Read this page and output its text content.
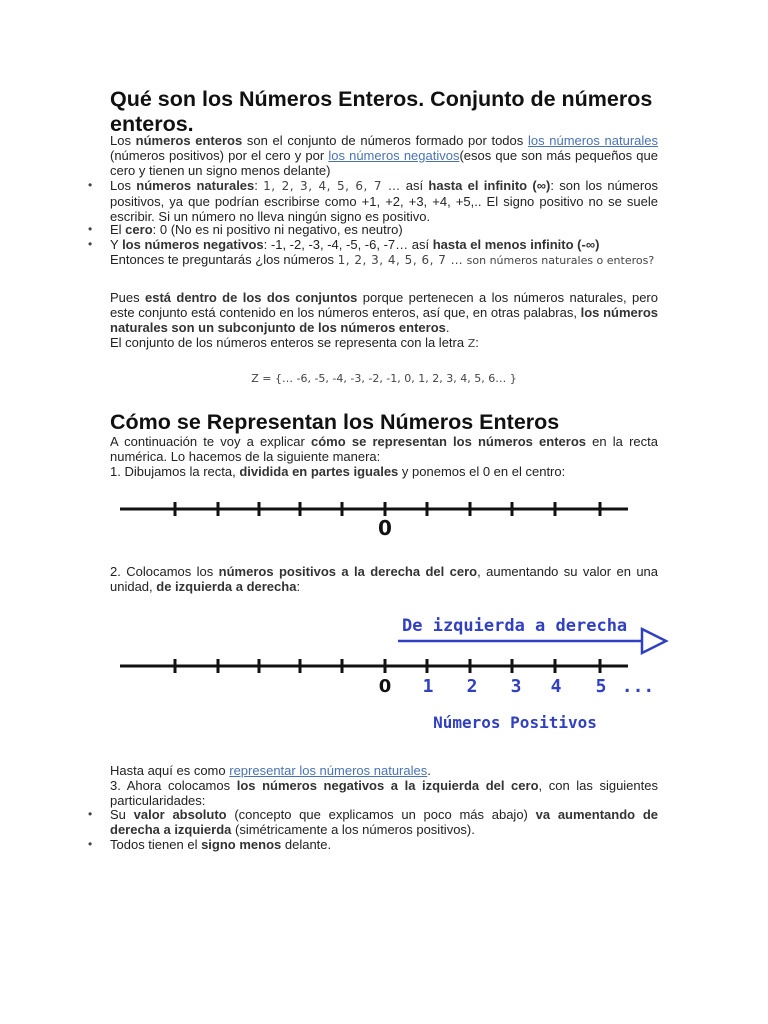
Qué son los Números Enteros. Conjunto de números enteros.

Los números enteros son el conjunto de números formado por todos los números naturales (números positivos) por el cero y por los números negativos(esos que son más pequeños que cero y tienen un signo menos delante)

• Los números naturales: 1, 2, 3, 4, 5, 6, 7 … así hasta el infinito (∞): son los números positivos, ya que podrían escribirse como +1, +2, +3, +4, +5,.. El signo positivo no se suele escribir. Si un número no lleva ningún signo es positivo.

• El cero: 0 (No es ni positivo ni negativo, es neutro)

• Y los números negativos: -1, -2, -3, -4, -5, -6, -7… así hasta el menos infinito (-∞)

Entonces te preguntarás ¿los números 1, 2, 3, 4, 5, 6, 7 … son números naturales o enteros?

Pues está dentro de los dos conjuntos porque pertenecen a los números naturales, pero este conjunto está contenido en los números enteros, así que, en otras palabras, los números naturales son un subconjunto de los números enteros.

El conjunto de los números enteros se representa con la letra Z:

Z = {… -6, -5, -4, -3, -2, -1, 0, 1, 2, 3, 4, 5, 6… }

Cómo se Representan los Números Enteros

A continuación te voy a explicar cómo se representan los números enteros en la recta numérica. Lo hacemos de la siguiente manera:

1. Dibujamos la recta, dividida en partes iguales y ponemos el 0 en el centro:

0

2. Colocamos los números positivos a la derecha del cero, aumentando su valor en una unidad, de izquierda a derecha:

De izquierda a derecha
0 1 2 3 4 5 ...
Números Positivos

Hasta aquí es como representar los números naturales.

3. Ahora colocamos los números negativos a la izquierda del cero, con las siguientes particularidades:

• Su valor absoluto (concepto que explicamos un poco más abajo) va aumentando de derecha a izquierda (simétricamente a los números positivos).

• Todos tienen el signo menos delante.
